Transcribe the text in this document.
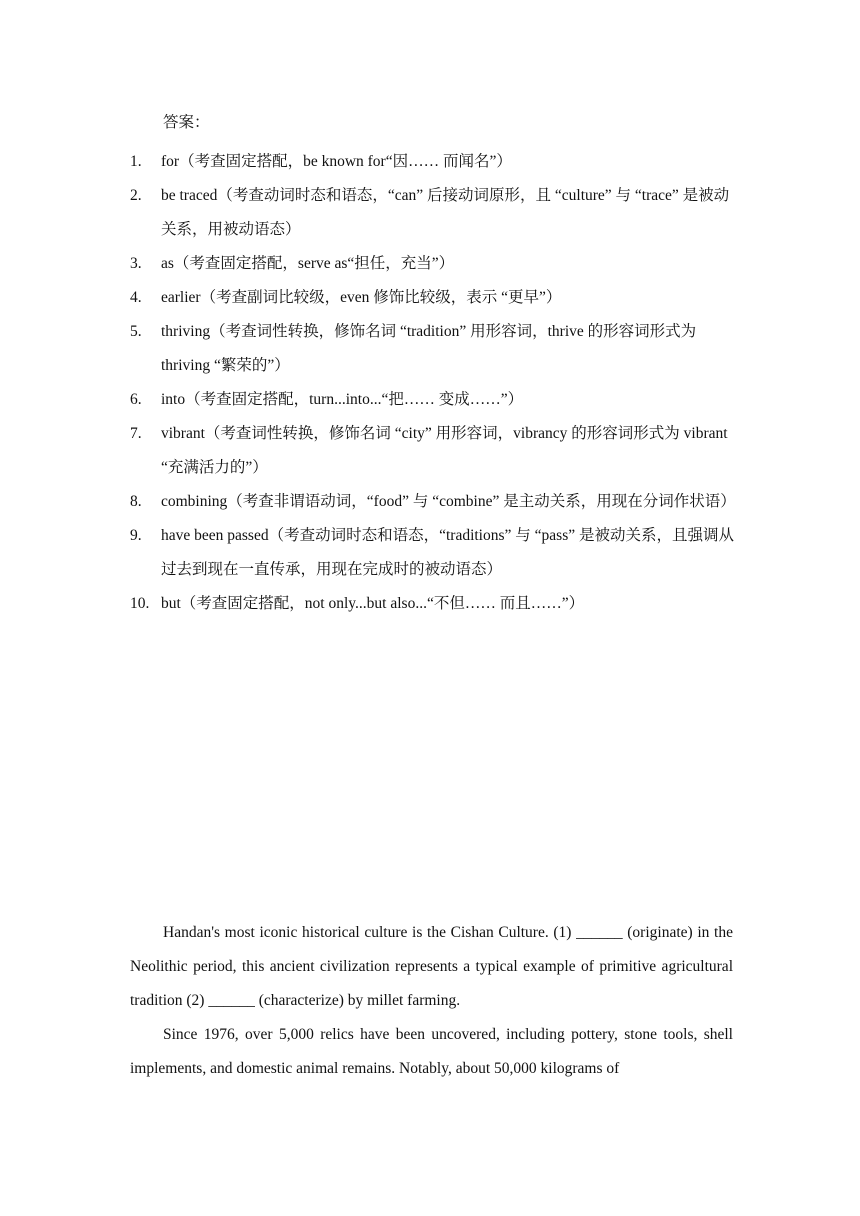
答案：

1. for（考查固定搭配，be known for“因…… 而闻名”）
2. be traced（考查动词时态和语态，“can” 后接动词原形，且 “culture” 与 “trace” 是被动关系，用被动语态）
3. as（考查固定搭配，serve as“担任，充当”）
4. earlier（考查副词比较级，even 修饰比较级，表示 “更早”）
5. thriving（考查词性转换，修饰名词 “tradition” 用形容词，thrive 的形容词形式为 thriving “繁荣的”）
6. into（考查固定搭配，turn...into...“把…… 变成……”）
7. vibrant（考查词性转换，修饰名词 “city” 用形容词，vibrancy 的形容词形式为 vibrant “充满活力的”）
8. combining（考查非谓语动词，“food” 与 “combine” 是主动关系，用现在分词作状语）
9. have been passed（考查动词时态和语态，“traditions” 与 “pass” 是被动关系，且强调从过去到现在一直传承，用现在完成时的被动语态）
10. but（考查固定搭配，not only...but also...“不但…… 而且……”）

Handan's most iconic historical culture is the Cishan Culture. (1) ______ (originate) in the Neolithic period, this ancient civilization represents a typical example of primitive agricultural tradition (2) ______ (characterize) by millet farming.

Since 1976, over 5,000 relics have been uncovered, including pottery, stone tools, shell implements, and domestic animal remains. Notably, about 50,000 kilograms of
